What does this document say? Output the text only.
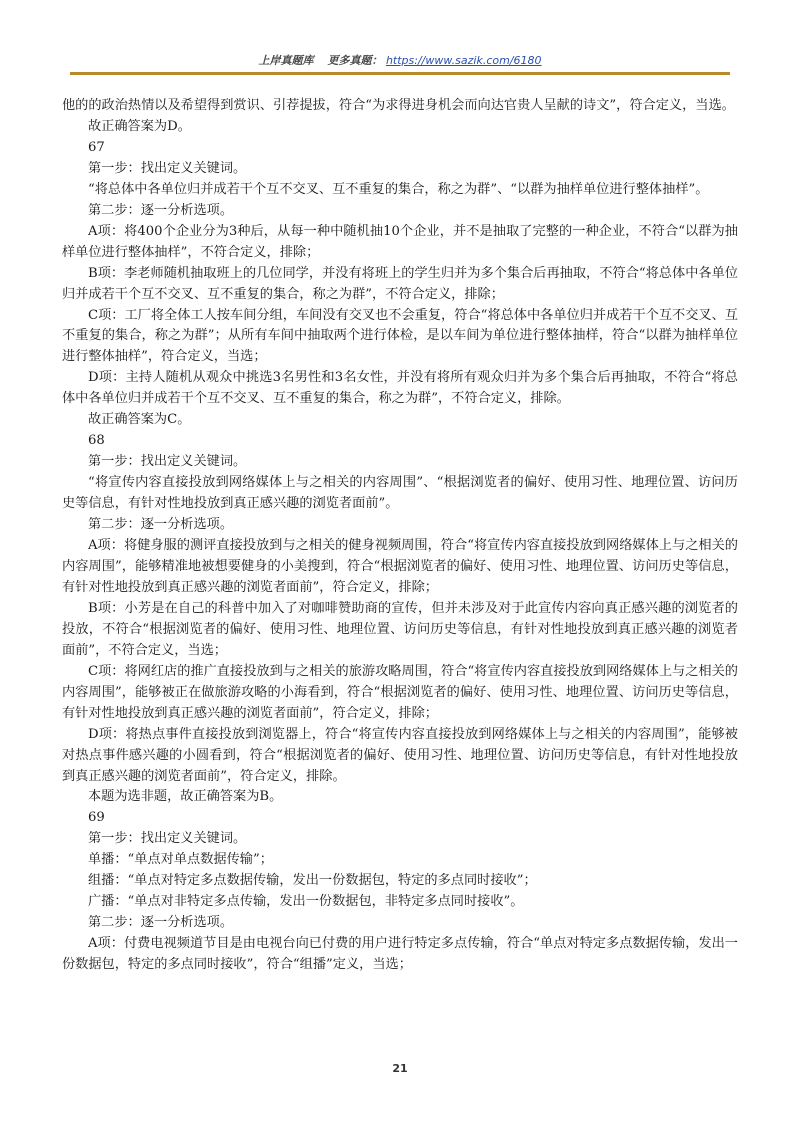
上岸真题库 更多真题： https://www.sazik.com/6180

他的的政治热情以及希望得到赏识、引荐提拔，符合“为求得进身机会而向达官贵人呈献的诗文”，符合定义，当选。

故正确答案为D。

67

第一步：找出定义关键词。

“将总体中各单位归并成若干个互不交叉、互不重复的集合，称之为群”、“以群为抽样单位进行整体抽样”。

第二步：逐一分析选项。

A项：将400个企业分为3种后，从每一种中随机抽10个企业，并不是抽取了完整的一种企业，不符合“以群为抽样单位进行整体抽样”，不符合定义，排除；

B项：李老师随机抽取班上的几位同学，并没有将班上的学生归并为多个集合后再抽取，不符合“将总体中各单位归并成若干个互不交叉、互不重复的集合，称之为群”，不符合定义，排除；

C项：工厂将全体工人按车间分组，车间没有交叉也不会重复，符合“将总体中各单位归并成若干个互不交叉、互不重复的集合，称之为群”；从所有车间中抽取两个进行体检，是以车间为单位进行整体抽样，符合“以群为抽样单位进行整体抽样”，符合定义，当选；

D项：主持人随机从观众中挑选3名男性和3名女性，并没有将所有观众归并为多个集合后再抽取，不符合“将总体中各单位归并成若干个互不交叉、互不重复的集合，称之为群”，不符合定义，排除。

故正确答案为C。

68

第一步：找出定义关键词。

“将宣传内容直接投放到网络媒体上与之相关的内容周围”、“根据浏览者的偏好、使用习性、地理位置、访问历史等信息，有针对性地投放到真正感兴趣的浏览者面前”。

第二步：逐一分析选项。

A项：将健身服的测评直接投放到与之相关的健身视频周围，符合“将宣传内容直接投放到网络媒体上与之相关的内容周围”，能够精准地被想要健身的小美搜到，符合“根据浏览者的偏好、使用习性、地理位置、访问历史等信息，有针对性地投放到真正感兴趣的浏览者面前”，符合定义，排除；

B项：小芳是在自己的科普中加入了对咖啡赞助商的宣传，但并未涉及对于此宣传内容向真正感兴趣的浏览者的投放，不符合“根据浏览者的偏好、使用习性、地理位置、访问历史等信息，有针对性地投放到真正感兴趣的浏览者面前”，不符合定义，当选；

C项：将网红店的推广直接投放到与之相关的旅游攻略周围，符合“将宣传内容直接投放到网络媒体上与之相关的内容周围”，能够被正在做旅游攻略的小海看到，符合“根据浏览者的偏好、使用习性、地理位置、访问历史等信息，有针对性地投放到真正感兴趣的浏览者面前”，符合定义，排除；

D项：将热点事件直接投放到浏览器上，符合“将宣传内容直接投放到网络媒体上与之相关的内容周围”，能够被对热点事件感兴趣的小圆看到，符合“根据浏览者的偏好、使用习性、地理位置、访问历史等信息，有针对性地投放到真正感兴趣的浏览者面前”，符合定义，排除。

本题为选非题，故正确答案为B。

69

第一步：找出定义关键词。

单播：“单点对单点数据传输”；

组播：“单点对特定多点数据传输，发出一份数据包，特定的多点同时接收”；

广播：“单点对非特定多点传输，发出一份数据包，非特定多点同时接收”。

第二步：逐一分析选项。

A项：付费电视频道节目是由电视台向已付费的用户进行特定多点传输，符合“单点对特定多点数据传输，发出一份数据包，特定的多点同时接收”，符合“组播”定义，当选；

21
